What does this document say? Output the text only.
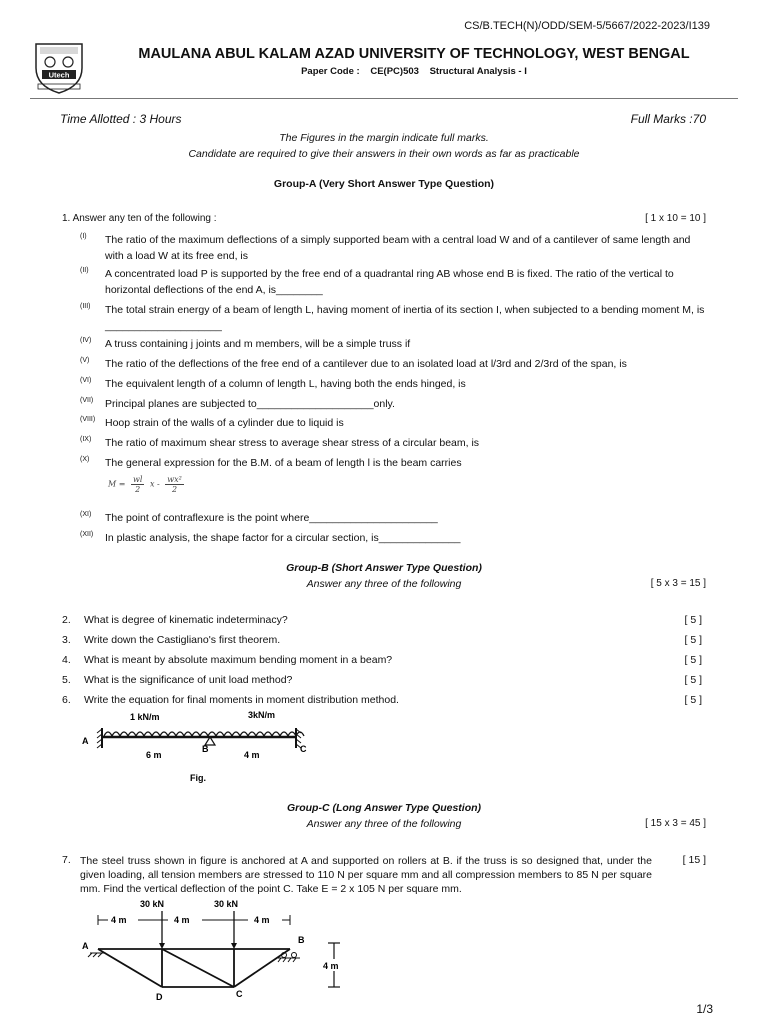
CS/B.TECH(N)/ODD/SEM-5/5667/2022-2023/I139
Utech
MAULANA ABUL KALAM AZAD UNIVERSITY OF TECHNOLOGY, WEST BENGAL
Paper Code : CE(PC)503 Structural Analysis - I
Time Allotted : 3 Hours	Full Marks :70
The Figures in the margin indicate full marks.
Candidate are required to give their answers in their own words as far as practicable
Group-A (Very Short Answer Type Question)
1. Answer any ten of the following :	[ 1 x 10 = 10 ]
(I)	The ratio of the maximum deflections of a simply supported beam with a central load W and of a cantilever of same length and with a load W at its free end, is
(II)	A concentrated load P is supported by the free end of a quadrantal ring AB whose end B is fixed. The ratio of the vertical to horizontal deflections of the end A, is________
(III)	The total strain energy of a beam of length L, having moment of inertia of its section I, when subjected to a bending moment M, is ____________________
(IV)	A truss containing j joints and m members, will be a simple truss if
(V)	The ratio of the deflections of the free end of a cantilever due to an isolated load at l/3rd and 2/3rd of the span, is
(VI)	The equivalent length of a column of length L, having both the ends hinged, is
(VII)	Principal planes are subjected to____________________only.
(VIII) Hoop strain of the walls of a cylinder due to liquid is
(IX)	The ratio of maximum shear stress to average shear stress of a circular beam, is
(X)	The general expression for the B.M. of a beam of length l is the beam carries
$M = \frac{wl}{2}$ x - $\frac{\text{wx²}}{2}$
(XI)	The point of contraflexure is the point where______________________
(XII)	In plastic analysis, the shape factor for a circular section, is______________
Group-B (Short Answer Type Question)
Answer any three of the following	[ 5 x 3 = 15 ]
2. What is degree of kinematic indeterminacy?	[ 5 ]
3. Write down the Castigliano's first theorem.	[ 5 ]
4. What is meant by absolute maximum bending moment in a beam?	[ 5 ]
5. What is the significance of unit load method?	[ 5 ]
6. Write the equation for final moments in moment distribution method.	[ 5 ]
1 kN/m	3kN/m
A
B	C
6 m	4 m
Fig.
Group-C (Long Answer Type Question)
Answer any three of the following	[ 15 x 3 = 45 ]
7. The steel truss shown in figure is anchored at A and supported on rollers at B. if the truss is so designed that, under the given loading, all tension members are stressed to 110 N per square mm and all compression members to 85 N per square mm. Find the vertical deflection of the point C. Take E = 2 x 105 N per square mm.
[ 15 ]
30 kN	30 kN
4 m	4 m	4 m
A
B
D	C
4 m
1/3
